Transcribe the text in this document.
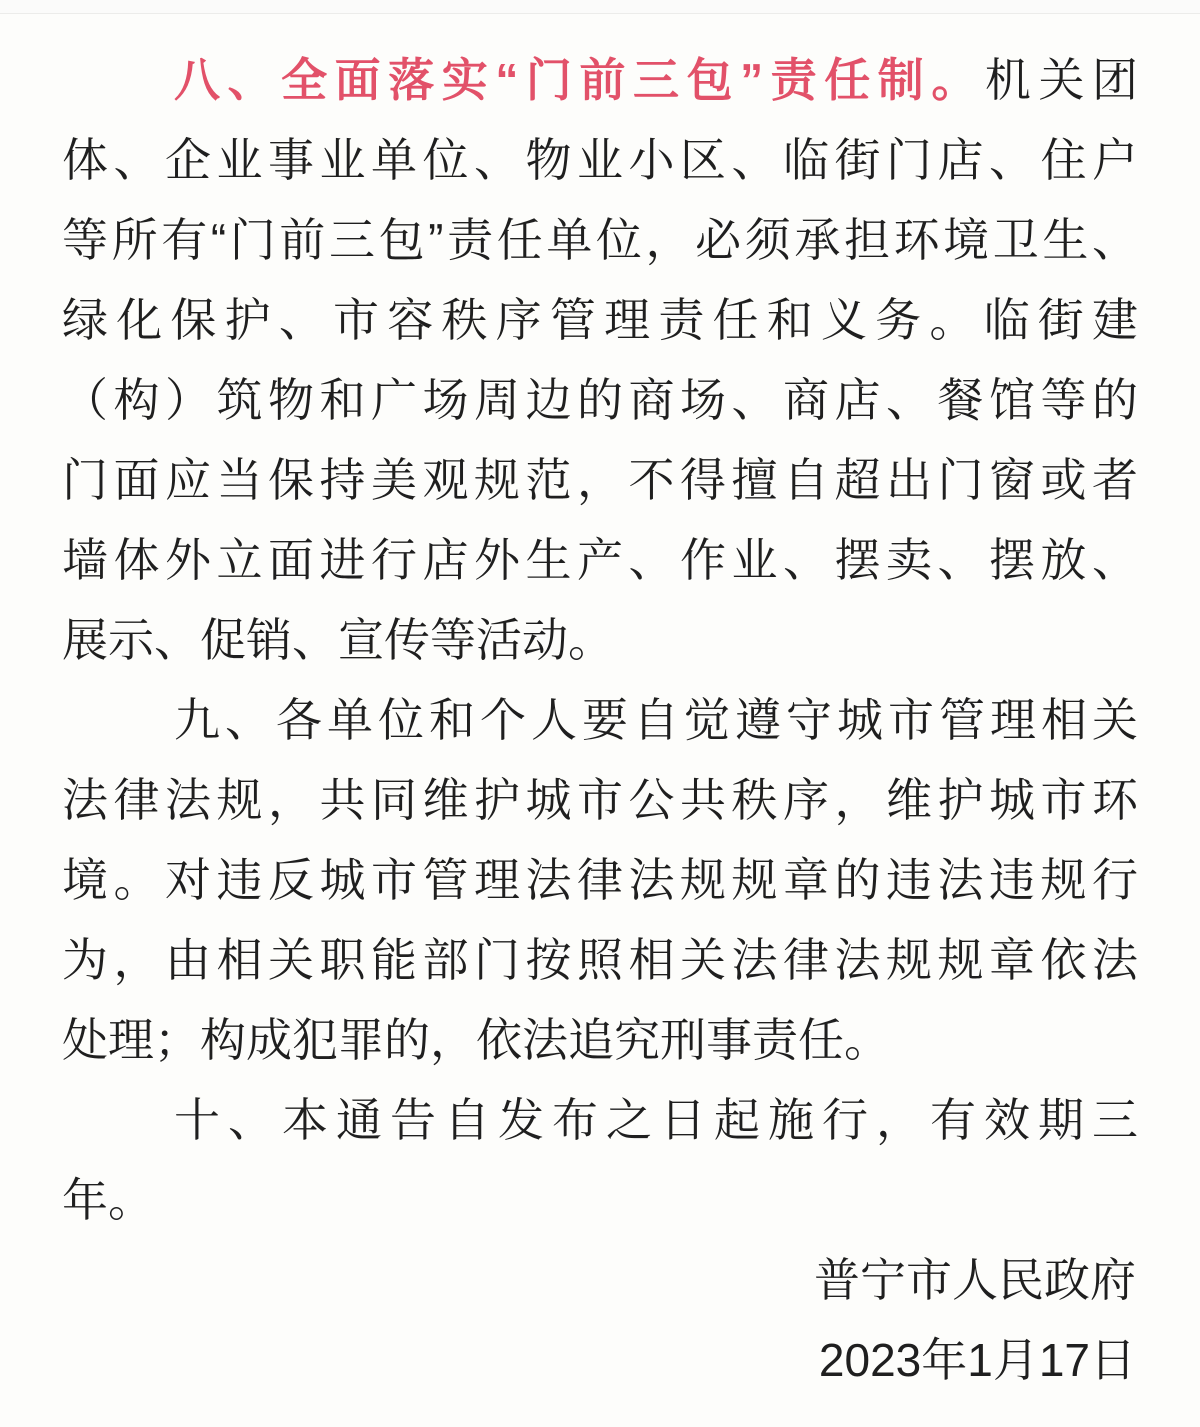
八、全面落实“门前三包”责任制。机关团
体、企业事业单位、物业小区、临街门店、住户
等所有“门前三包”责任单位，必须承担环境卫生、
绿化保护、市容秩序管理责任和义务。临街建
（构）筑物和广场周边的商场、商店、餐馆等的
门面应当保持美观规范，不得擅自超出门窗或者
墙体外立面进行店外生产、作业、摆卖、摆放、
展示、促销、宣传等活动。
九、各单位和个人要自觉遵守城市管理相关
法律法规，共同维护城市公共秩序，维护城市环
境。对违反城市管理法律法规规章的违法违规行
为，由相关职能部门按照相关法律法规规章依法
处理；构成犯罪的，依法追究刑事责任。
十、本通告自发布之日起施行，有效期三
年。
普宁市人民政府
2023年1月17日
